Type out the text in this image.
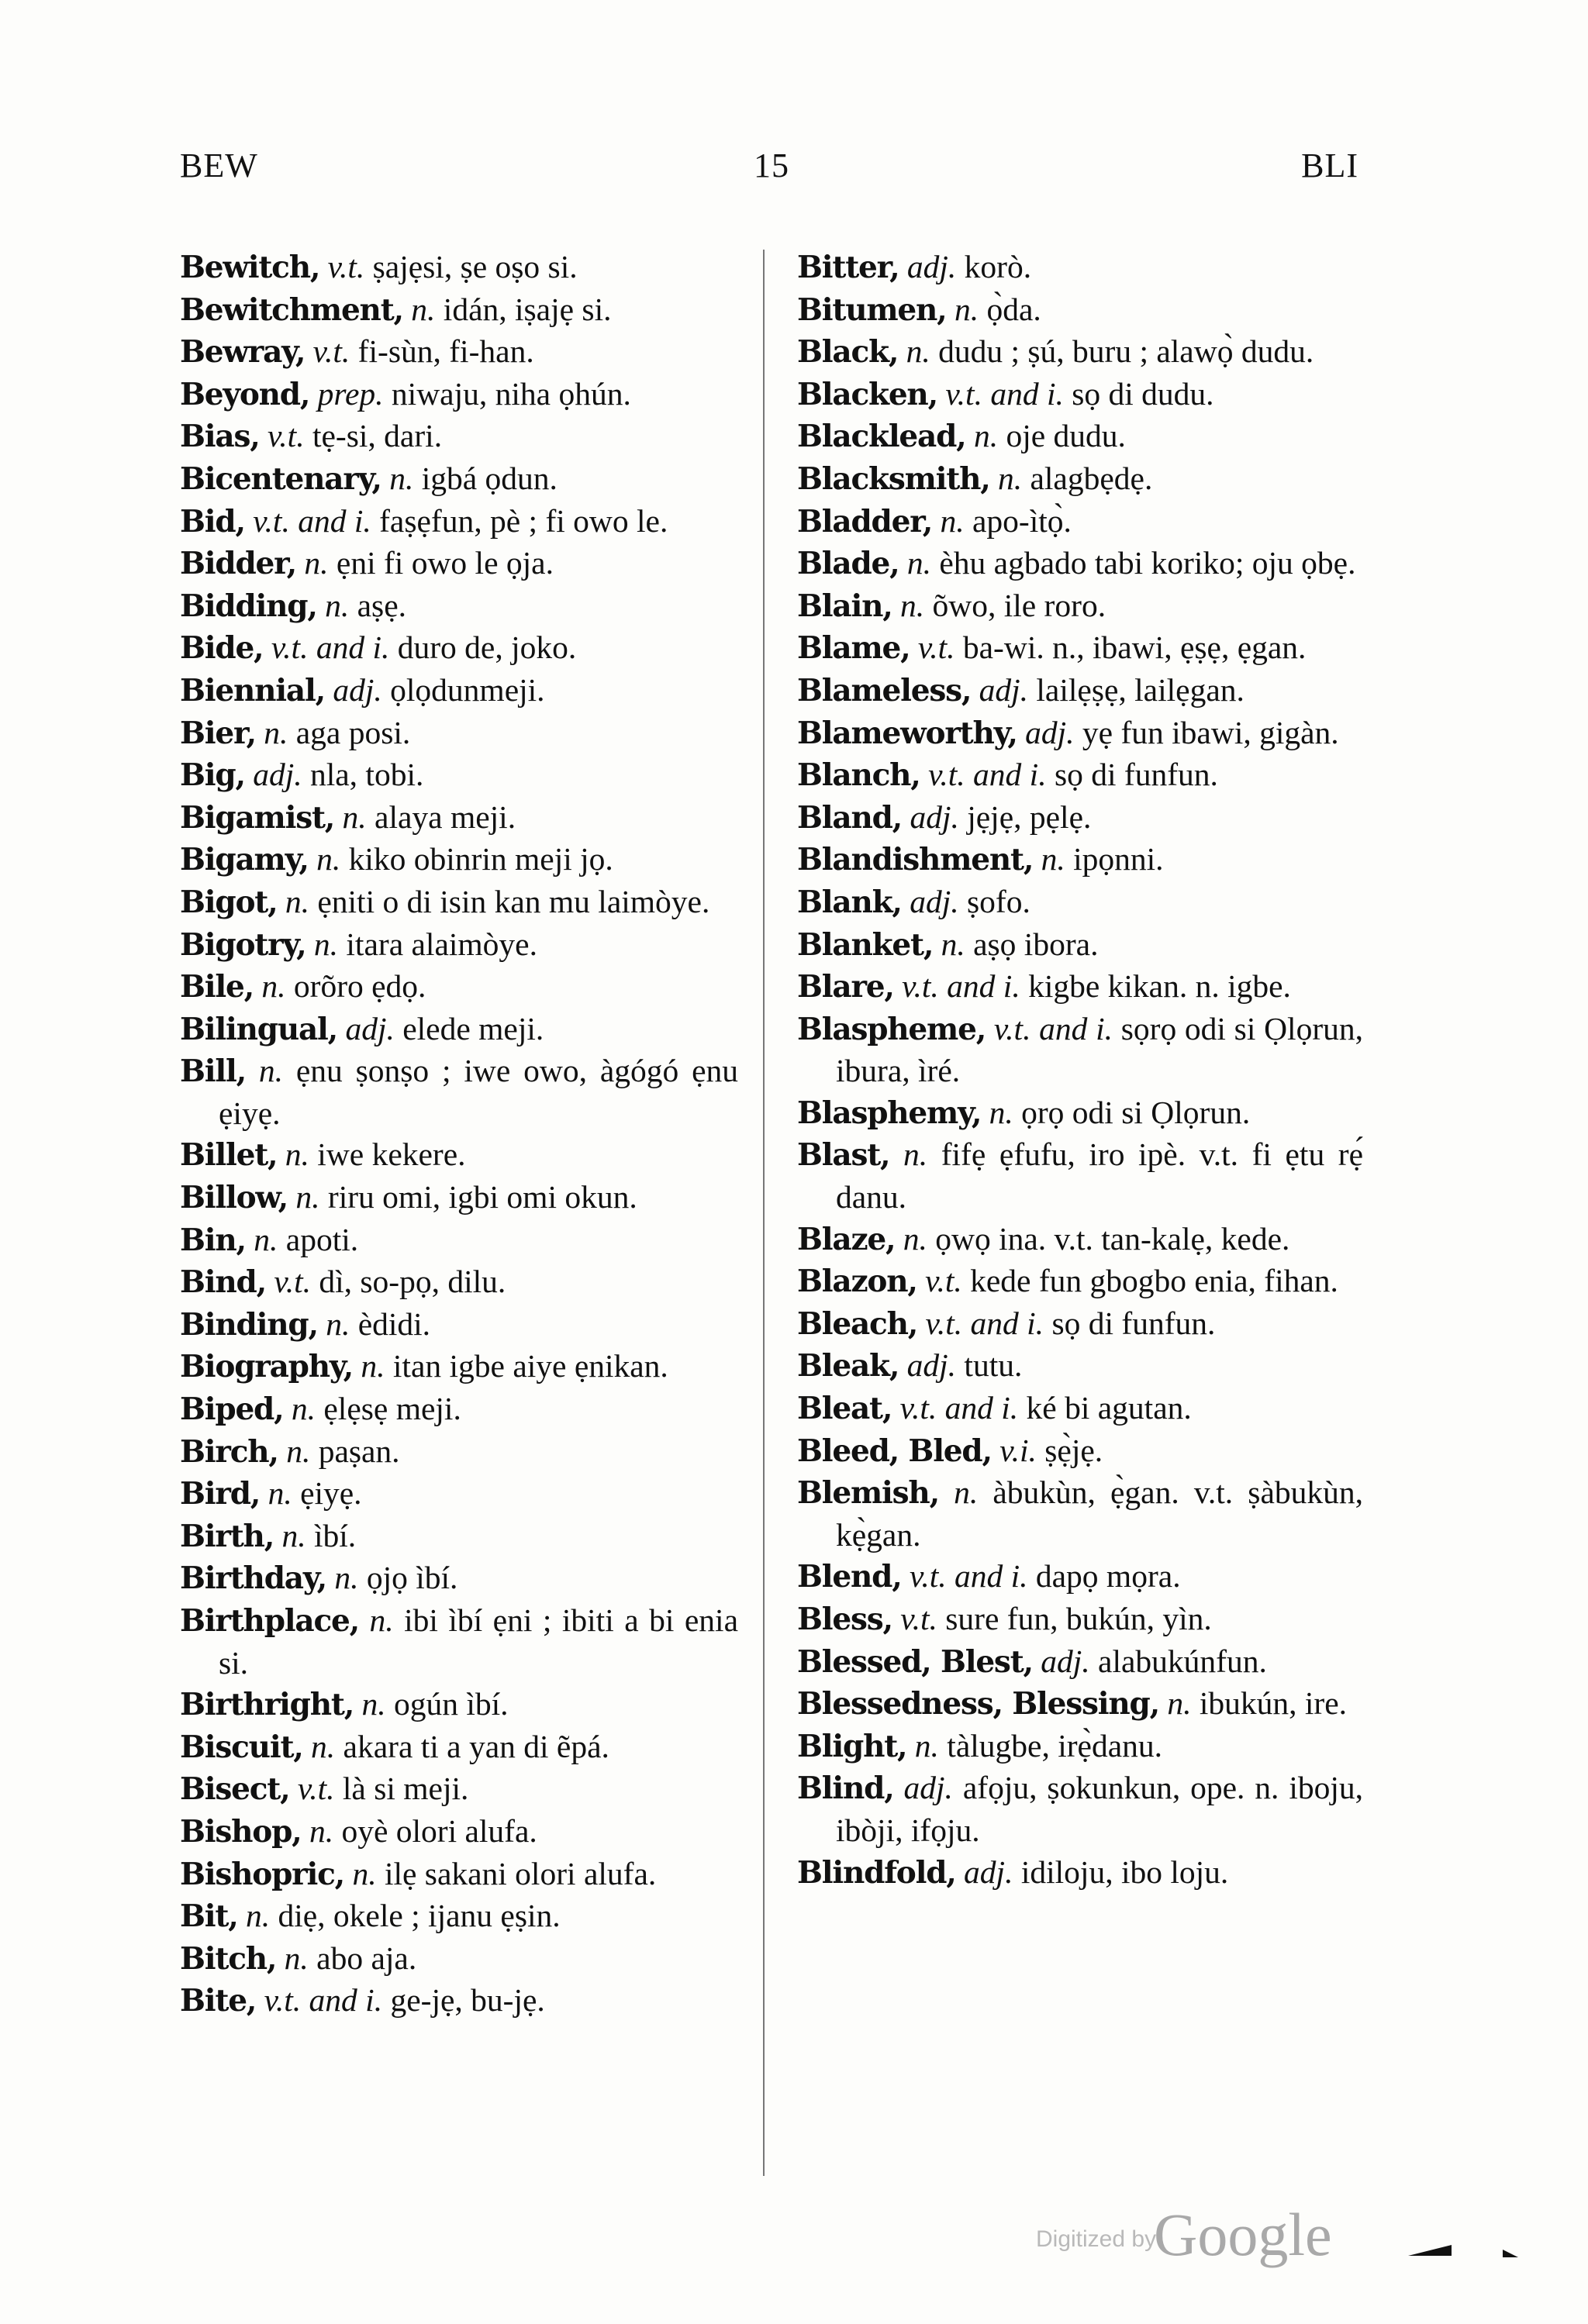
BEW	15	BLI

Bewitch, v.t. ṣajẹsi, ṣe oṣo si.

Bewitchment, n. idán, iṣajẹ si.

Bewray, v.t. fi-sùn, fi-han.

Beyond, prep. niwaju, niha ọhún.

Bias, v.t. tẹ-si, dari.

Bicentenary, n. igbá ọdun.

Bid, v.t. and i. faṣẹfun, pè ; fi owo le.

Bidder, n. ẹni fi owo le ọja.

Bidding, n. aṣẹ.

Bide, v.t. and i. duro de, joko.

Biennial, adj. ọlọdunmeji.

Bier, n. aga posi.

Big, adj. nla, tobi.

Bigamist, n. alaya meji.

Bigamy, n. kiko obinrin meji jọ.

Bigot, n. ẹniti o di isin kan mu laimòye.

Bigotry, n. itara alaimòye.

Bile, n. orõro ẹdọ.

Bilingual, adj. elede meji.

Bill, n. ẹnu ṣonṣo ; iwe owo, àgógó ẹnu ẹiyẹ.

Billet, n. iwe kekere.

Billow, n. riru omi, igbi omi okun.

Bin, n. apoti.

Bind, v.t. dì, so-pọ, dilu.

Binding, n. èdidi.

Biography, n. itan igbe aiye ẹnikan.

Biped, n. ẹlẹsẹ meji.

Birch, n. paṣan.

Bird, n. ẹiyẹ.

Birth, n. ìbí.

Birthday, n. ọjọ ìbí.

Birthplace, n. ibi ìbí ẹni ; ibiti a bi enia si.

Birthright, n. ogún ìbí.

Biscuit, n. akara ti a yan di ẽpá.

Bisect, v.t. là si meji.

Bishop, n. oyè olori alufa.

Bishopric, n. ilẹ sakani olori alufa.

Bit, n. diẹ, okele ; ijanu ẹṣin.

Bitch, n. abo aja.

Bite, v.t. and i. ge-jẹ, bu-jẹ.

Bitter, adj. korò.

Bitumen, n. ọ̀da.

Black, n. dudu ; ṣú, buru ; alawọ̀ dudu.

Blacken, v.t. and i. sọ di dudu.

Blacklead, n. oje dudu.

Blacksmith, n. alagbẹdẹ.

Bladder, n. apo-ìtọ̀.

Blade, n. èhu agbado tabi koriko; oju ọbẹ.

Blain, n. õwo, ile roro.

Blame, v.t. ba-wi. n., ibawi, ẹṣẹ, ẹgan.

Blameless, adj. lailẹṣẹ, lailẹgan.

Blameworthy, adj. yẹ fun ibawi, gigàn.

Blanch, v.t. and i. sọ di funfun.

Bland, adj. jẹjẹ, pẹlẹ.

Blandishment, n. ipọnni.

Blank, adj. ṣofo.

Blanket, n. aṣọ ibora.

Blare, v.t. and i. kigbe kikan. n. igbe.

Blaspheme, v.t. and i. sọrọ odi si Ọlọrun, ibura, ìré.

Blasphemy, n. ọrọ odi si Ọlọrun.

Blast, n. fifẹ ẹfufu, iro ipè. v.t. fi ẹtu rẹ́ danu.

Blaze, n. ọwọ ina. v.t. tan-kalẹ, kede.

Blazon, v.t. kede fun gbogbo enia, fihan.

Bleach, v.t. and i. sọ di funfun.

Bleak, adj. tutu.

Bleat, v.t. and i. ké bi agutan.

Bleed, Bled, v.i. ṣẹ̀jẹ.

Blemish, n. àbukùn, ẹ̀gan. v.t. ṣàbukùn, kẹ̀gan.

Blend, v.t. and i. dapọ mọra.

Bless, v.t. sure fun, bukún, yìn.

Blessed, Blest, adj. alabukúnfun.

Blessedness, Blessing, n. ibukún, ire.

Blight, n. tàlugbe, irẹ̀danu.

Blind, adj. afọju, ṣokunkun, ope. n. iboju, ibòji, ifọju.

Blindfold, adj. idiloju, ibo loju.

Digitized by
Google
